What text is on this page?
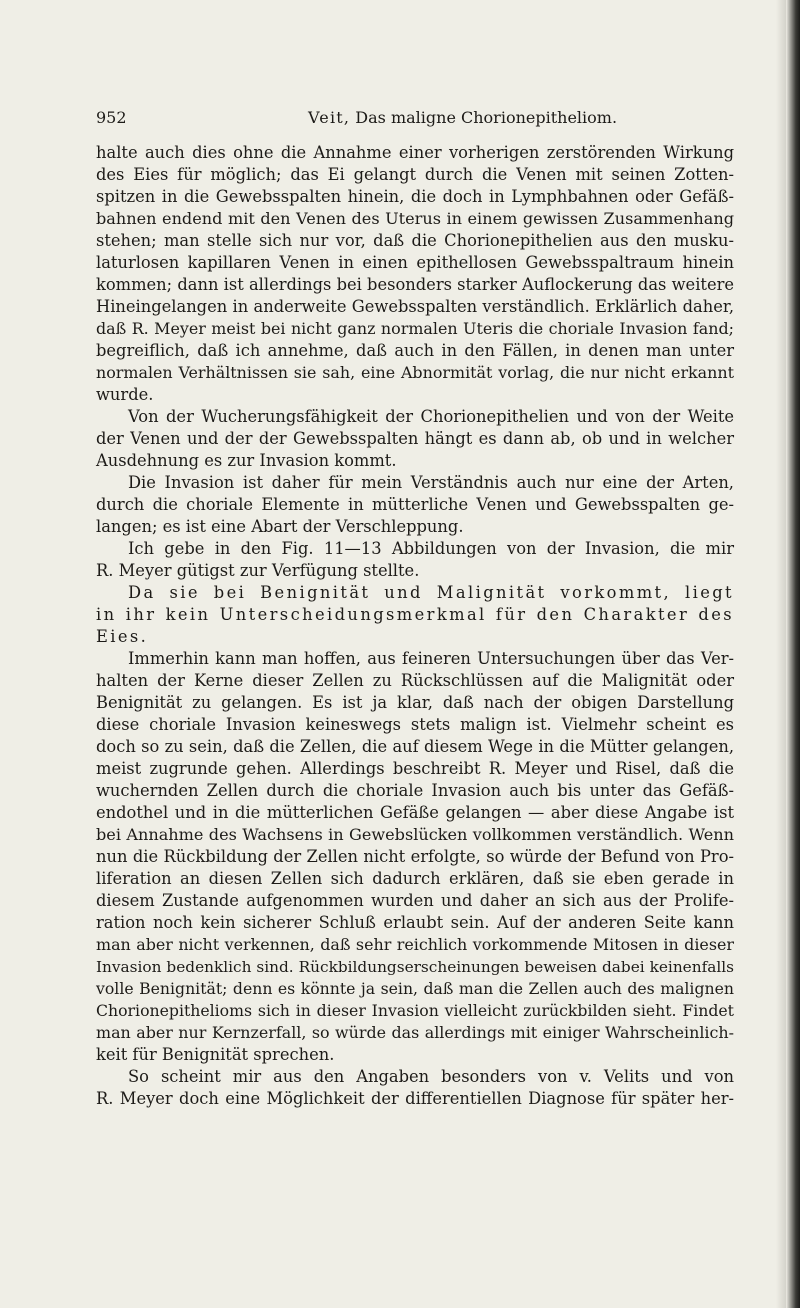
952	Veit, Das maligne Chorionepitheliom.
halte auch dies ohne die Annahme einer vorherigen zerstörenden Wirkung
des Eies für möglich; das Ei gelangt durch die Venen mit seinen Zotten-
spitzen in die Gewebsspalten hinein, die doch in Lymphbahnen oder Gefäß-
bahnen endend mit den Venen des Uterus in einem gewissen Zusammenhang
stehen; man stelle sich nur vor, daß die Chorionepithelien aus den musku-
laturlosen kapillaren Venen in einen epithellosen Gewebsspaltraum hinein
kommen; dann ist allerdings bei besonders starker Auflockerung das weitere
Hineingelangen in anderweite Gewebsspalten verständlich. Erklärlich daher,
daß R. Meyer meist bei nicht ganz normalen Uteris die choriale Invasion fand;
begreiflich, daß ich annehme, daß auch in den Fällen, in denen man unter
normalen Verhältnissen sie sah, eine Abnormität vorlag, die nur nicht erkannt
wurde.
Von der Wucherungsfähigkeit der Chorionepithelien und von der Weite
der Venen und der der Gewebsspalten hängt es dann ab, ob und in welcher
Ausdehnung es zur Invasion kommt.
Die Invasion ist daher für mein Verständnis auch nur eine der Arten,
durch die choriale Elemente in mütterliche Venen und Gewebsspalten ge-
langen; es ist eine Abart der Verschleppung.
Ich gebe in den Fig. 11—13 Abbildungen von der Invasion, die mir
R. Meyer gütigst zur Verfügung stellte.
Da sie bei Benignität und Malignität vorkommt, liegt
in ihr kein Unterscheidungsmerkmal für den Charakter des
Eies.
Immerhin kann man hoffen, aus feineren Untersuchungen über das Ver-
halten der Kerne dieser Zellen zu Rückschlüssen auf die Malignität oder
Benignität zu gelangen. Es ist ja klar, daß nach der obigen Darstellung
diese choriale Invasion keineswegs stets malign ist. Vielmehr scheint es
doch so zu sein, daß die Zellen, die auf diesem Wege in die Mütter gelangen,
meist zugrunde gehen. Allerdings beschreibt R. Meyer und Risel, daß die
wuchernden Zellen durch die choriale Invasion auch bis unter das Gefäß-
endothel und in die mütterlichen Gefäße gelangen — aber diese Angabe ist
bei Annahme des Wachsens in Gewebslücken vollkommen verständlich. Wenn
nun die Rückbildung der Zellen nicht erfolgte, so würde der Befund von Pro-
liferation an diesen Zellen sich dadurch erklären, daß sie eben gerade in
diesem Zustande aufgenommen wurden und daher an sich aus der Prolife-
ration noch kein sicherer Schluß erlaubt sein. Auf der anderen Seite kann
man aber nicht verkennen, daß sehr reichlich vorkommende Mitosen in dieser
Invasion bedenklich sind. Rückbildungserscheinungen beweisen dabei keinenfalls
volle Benignität; denn es könnte ja sein, daß man die Zellen auch des malignen
Chorionepithelioms sich in dieser Invasion vielleicht zurückbilden sieht. Findet
man aber nur Kernzerfall, so würde das allerdings mit einiger Wahrscheinlich-
keit für Benignität sprechen.
So scheint mir aus den Angaben besonders von v. Velits und von
R. Meyer doch eine Möglichkeit der differentiellen Diagnose für später her-
